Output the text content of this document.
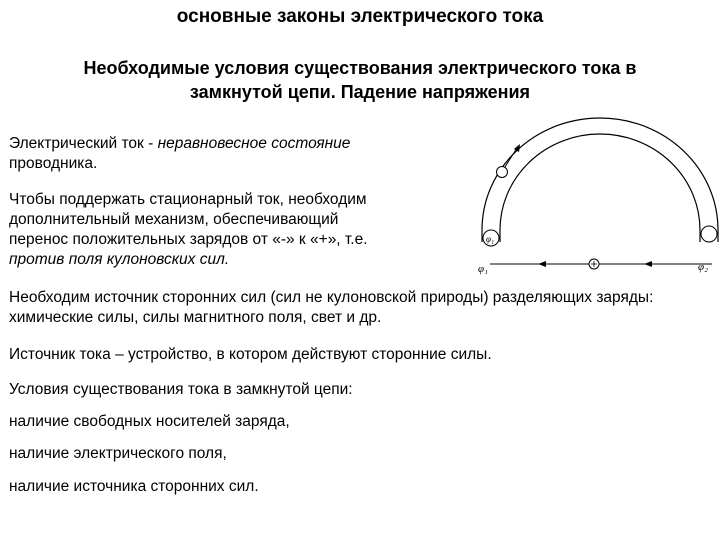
основные законы электрического тока
Необходимые условия существования электрического тока в
замкнутой цепи. Падение напряжения

Электрический ток - неравновесное состояние
проводника.

Чтобы поддержать стационарный ток, необходим
дополнительный механизм, обеспечивающий
перенос положительных зарядов от «-» к «+», т.е.
против поля кулоновских сил.

Необходим источник сторонних сил (сил не кулоновской природы) разделяющих заряды: химические силы, силы магнитного поля, свет и др.

Источник тока – устройство, в котором действуют сторонние силы.

Условия существования тока в замкнутой цепи:

наличие свободных носителей заряда,

наличие электрического поля,

наличие источника сторонних сил.

φ₁
φ₁	φ₂
